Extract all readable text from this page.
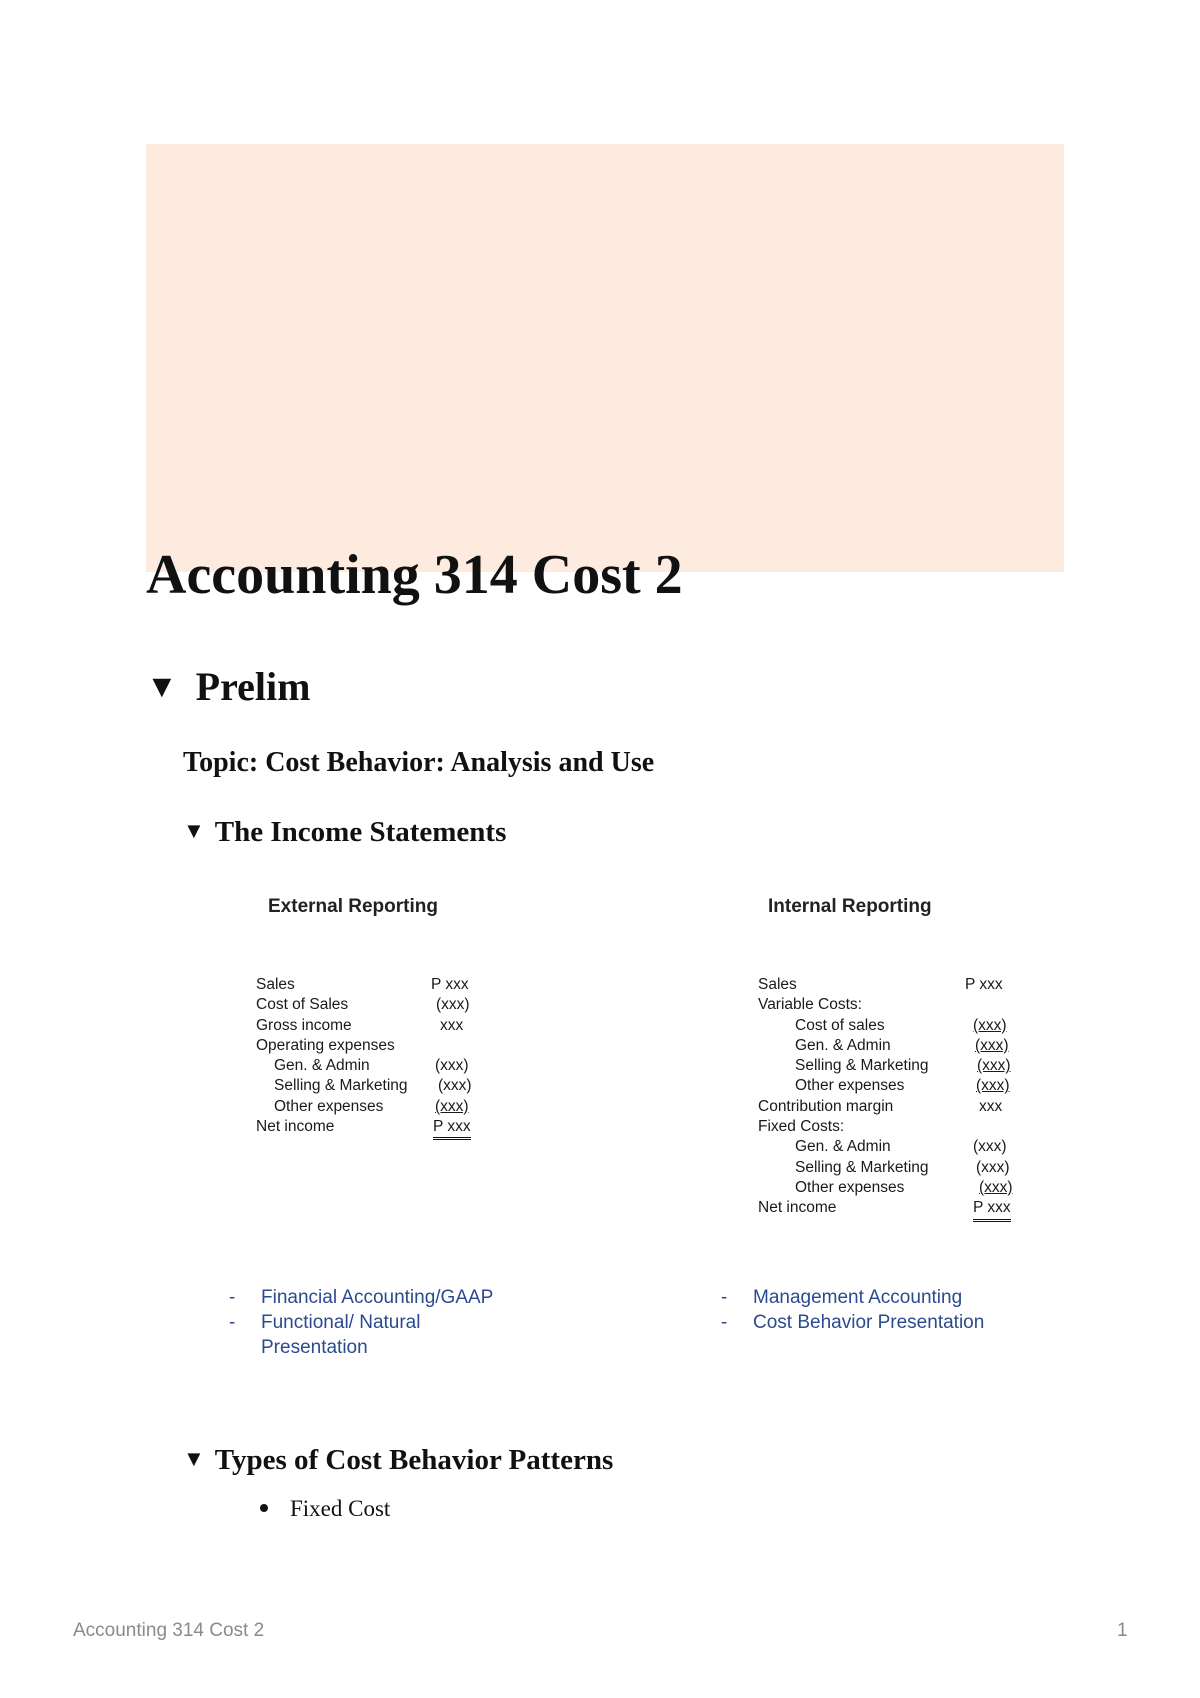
Accounting 314 Cost 2
▼ Prelim
Topic: Cost Behavior: Analysis and Use
▼ The Income Statements
External Reporting	Internal Reporting
Sales	P xxx
Cost of Sales	(xxx)
Gross income	xxx
Operating expenses
Gen. & Admin	(xxx)
Selling & Marketing (xxx)
Other expenses	(xxx)
Net income	P xxx
Sales	P xxx
Variable Costs:
Cost of sales	(xxx)
Gen. & Admin	(xxx)
Selling & Marketing	(xxx)
Other expenses	(xxx)
Contribution margin	xxx
Fixed Costs:
Gen. & Admin	(xxx)
Selling & Marketing	(xxx)
Other expenses	(xxx)
Net income	P xxx
- Financial Accounting/GAAP
- Functional/ Natural Presentation
- Management Accounting
- Cost Behavior Presentation
▼ Types of Cost Behavior Patterns
Fixed Cost
Accounting 314 Cost 2	1
